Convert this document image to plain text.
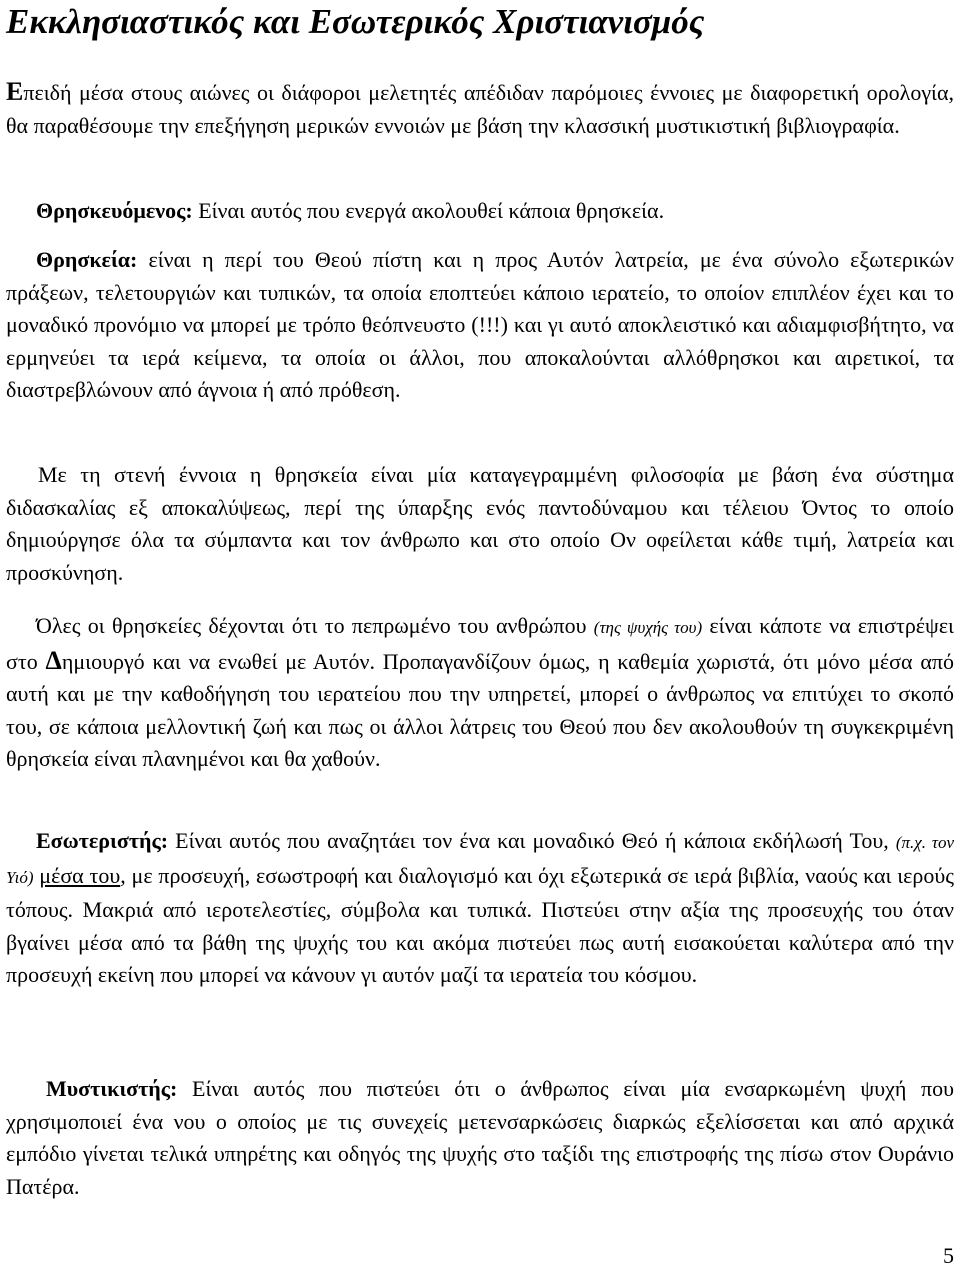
Εκκλησιαστικός και Εσωτερικός Χριστιανισμός

Επειδή μέσα στους αιώνες οι διάφοροι μελετητές απέδιδαν παρόμοιες έννοιες με διαφορετική ορολογία, θα παραθέσουμε την επεξήγηση μερικών εννοιών με βάση την κλασσική μυστικιστική βιβλιογραφία.

Θρησκευόμενος: Είναι αυτός που ενεργά ακολουθεί κάποια θρησκεία.

Θρησκεία: είναι η περί του Θεού πίστη και η προς Αυτόν λατρεία, με ένα σύνολο εξωτερικών πράξεων, τελετουργιών και τυπικών, τα οποία εποπτεύει κάποιο ιερατείο, το οποίον επιπλέον έχει και το μοναδικό προνόμιο να μπορεί με τρόπο θεόπνευστο (!!!) και γι αυτό αποκλειστικό και αδιαμφισβήτητο, να ερμηνεύει τα ιερά κείμενα, τα οποία οι άλλοι, που αποκαλούνται αλλόθρησκοι και αιρετικοί, τα διαστρεβλώνουν από άγνοια ή από πρόθεση.

Με τη στενή έννοια η θρησκεία είναι μία καταγεγραμμένη φιλοσοφία με βάση ένα σύστημα διδασκαλίας εξ αποκαλύψεως, περί της ύπαρξης ενός παντοδύναμου και τέλειου Όντος το οποίο δημιούργησε όλα τα σύμπαντα και τον άνθρωπο και στο οποίο Ον οφείλεται κάθε τιμή, λατρεία και προσκύνηση.

Όλες οι θρησκείες δέχονται ότι το πεπρωμένο του ανθρώπου (της ψυχής του) είναι κάποτε να επιστρέψει στο Δημιουργό και να ενωθεί με Αυτόν. Προπαγανδίζουν όμως, η καθεμία χωριστά, ότι μόνο μέσα από αυτή και με την καθοδήγηση του ιερατείου που την υπηρετεί, μπορεί ο άνθρωπος να επιτύχει το σκοπό του, σε κάποια μελλοντική ζωή και πως οι άλλοι λάτρεις του Θεού που δεν ακολουθούν τη συγκεκριμένη θρησκεία είναι πλανημένοι και θα χαθούν.

Εσωτεριστής: Είναι αυτός που αναζητάει τον ένα και μοναδικό Θεό ή κάποια εκδήλωσή Του, (π.χ. τον Υιό) μέσα του, με προσευχή, εσωστροφή και διαλογισμό και όχι εξωτερικά σε ιερά βιβλία, ναούς και ιερούς τόπους. Μακριά από ιεροτελεστίες, σύμβολα και τυπικά. Πιστεύει στην αξία της προσευχής του όταν βγαίνει μέσα από τα βάθη της ψυχής του και ακόμα πιστεύει πως αυτή εισακούεται καλύτερα από την προσευχή εκείνη που μπορεί να κάνουν γι αυτόν μαζί τα ιερατεία του κόσμου.

Μυστικιστής: Είναι αυτός που πιστεύει ότι ο άνθρωπος είναι μία ενσαρκωμένη ψυχή που χρησιμοποιεί ένα νου ο οποίος με τις συνεχείς μετενσαρκώσεις διαρκώς εξελίσσεται και από αρχικά εμπόδιο γίνεται τελικά υπηρέτης και οδηγός της ψυχής στο ταξίδι της επιστροφής της πίσω στον Ουράνιο Πατέρα.

5
